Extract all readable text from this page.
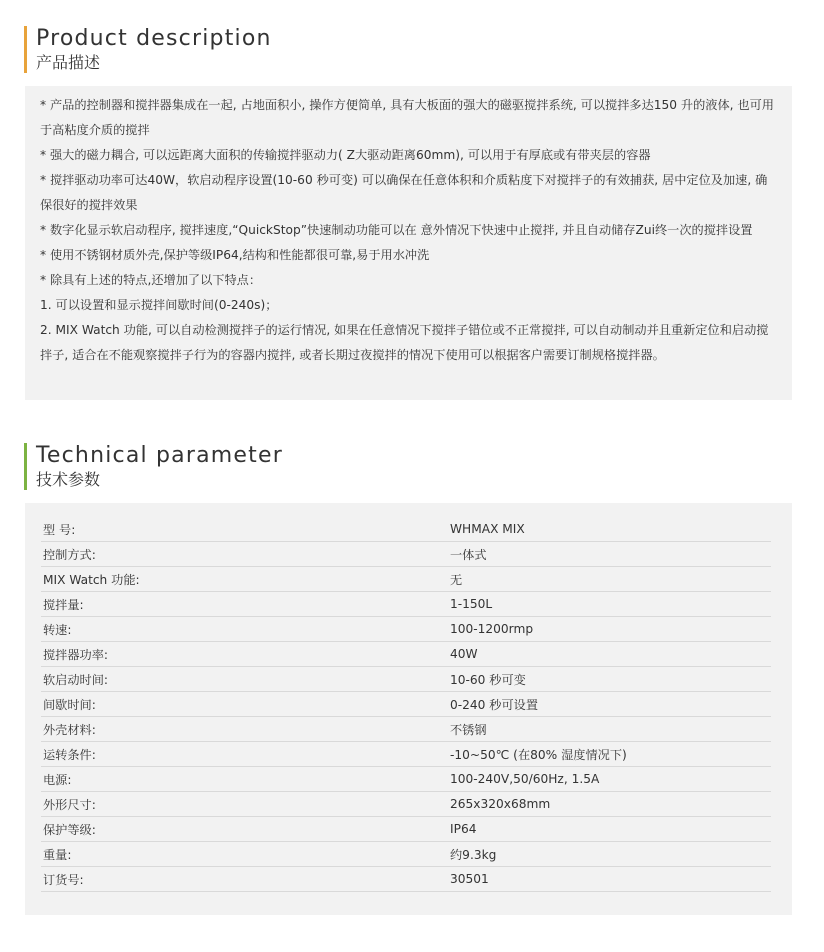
Product description
产品描述

* 产品的控制器和搅拌器集成在一起, 占地面积小, 操作方便简单, 具有大板面的强大的磁驱搅拌系统, 可以搅拌多达150 升的液体, 也可用于高粘度介质的搅拌

* 强大的磁力耦合, 可以远距离大面积的传输搅拌驱动力( Z大驱动距离60mm), 可以用于有厚底或有带夹层的容器

* 搅拌驱动功率可达40W，软启动程序设置(10-60 秒可变) 可以确保在任意体积和介质粘度下对搅拌子的有效捕获, 居中定位及加速, 确保很好的搅拌效果

* 数字化显示软启动程序, 搅拌速度,“QuickStop”快速制动功能可以在 意外情况下快速中止搅拌, 并且自动储存Zui终一次的搅拌设置

* 使用不锈钢材质外壳,保护等级IP64,结构和性能都很可靠,易于用水冲洗

* 除具有上述的特点,还增加了以下特点：

1. 可以设置和显示搅拌间歇时间(0-240s)；

2. MIX Watch 功能, 可以自动检测搅拌子的运行情况, 如果在任意情况下搅拌子错位或不正常搅拌, 可以自动制动并且重新定位和启动搅拌子, 适合在不能观察搅拌子行为的容器内搅拌, 或者长期过夜搅拌的情况下使用可以根据客户需要订制规格搅拌器。

Technical parameter
技术参数
型 号:	WHMAX MIX
控制方式:	一体式
MIX Watch 功能:	无
搅拌量:	1-150L
转速:	100-1200rmp
搅拌器功率:	40W
软启动时间:	10-60 秒可变
间歇时间:	0-240 秒可设置
外壳材料:	不锈钢
运转条件:	-10~50℃ (在80% 湿度情况下)
电源:	100-240V,50/60Hz, 1.5A
外形尺寸:	265x320x68mm
保护等级:	IP64
重量:	约9.3kg
订货号:	30501
